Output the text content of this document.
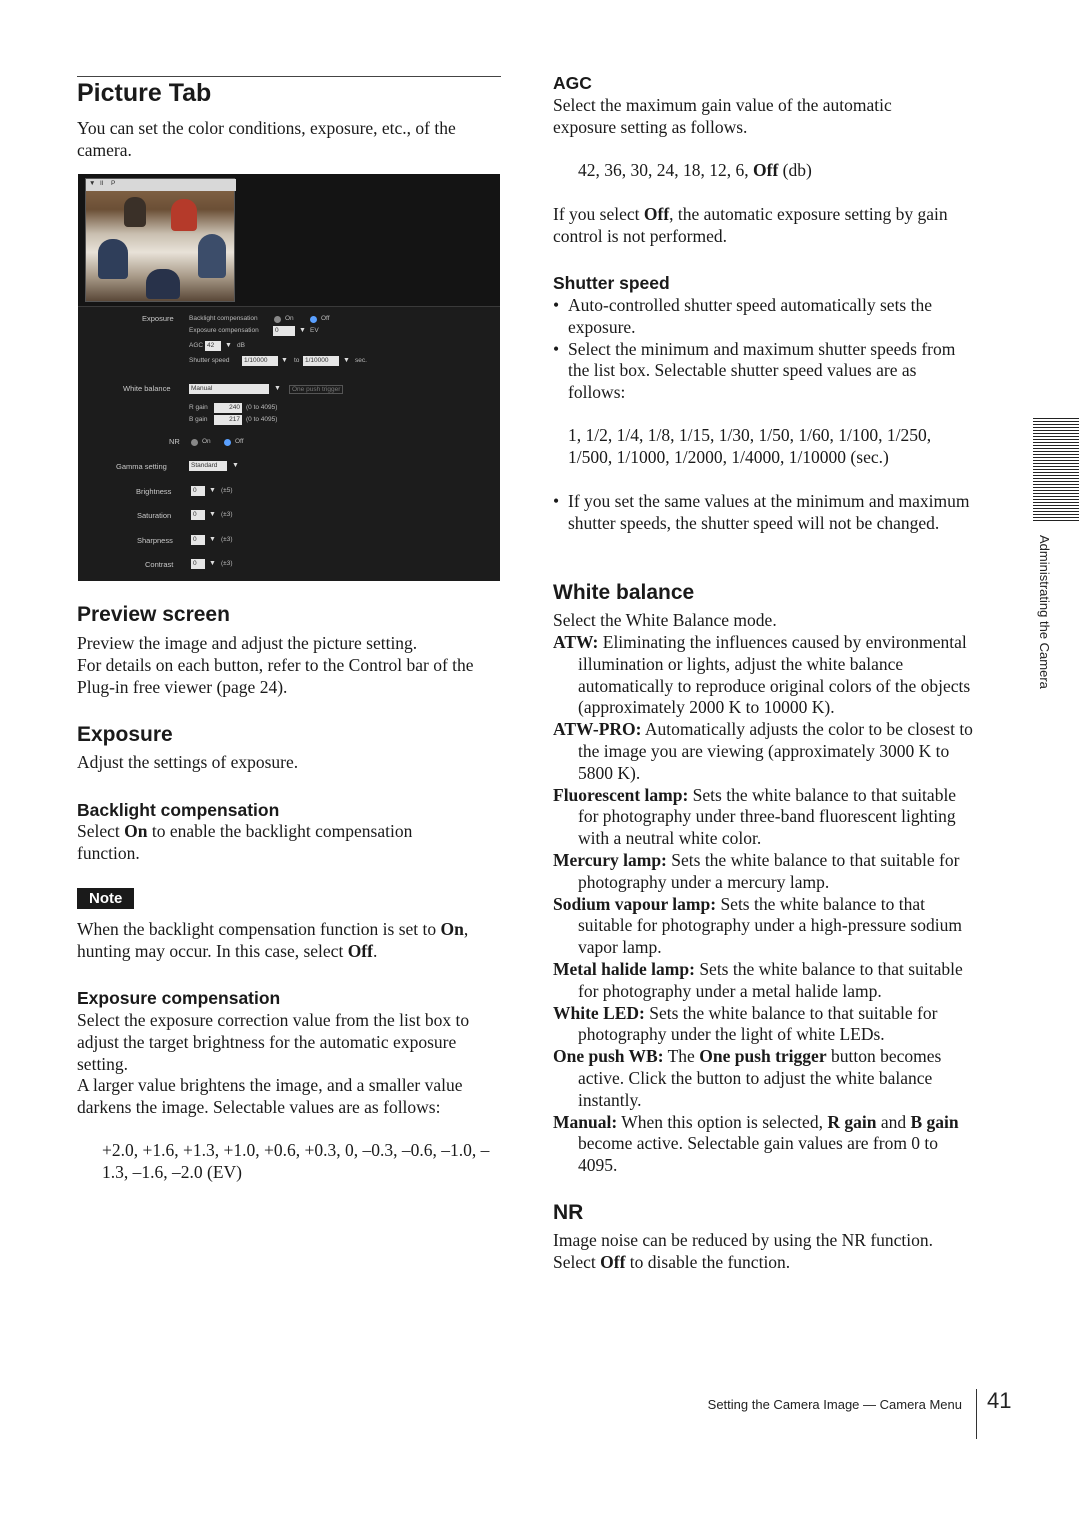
Picture Tab
You can set the color conditions, exposure, etc., of the camera.
▼ II P
Exposure Backlight compensation	On	Off
Exposure compensation	0	▼ EV
AGC 42	▼ dB
Shutter speed	1/10000	▼ to 1/10000	▼ sec.
White balance	Manual	▼	One push trigger
R gain	240 (0 to 4095)
B gain	217 (0 to 4095)
NR	On	Off
Gamma setting	Standard	▼
Brightness	0	▼ (±5)
Saturation	0	▼ (±3)
Sharpness	0	▼ (±3)
Contrast	0	▼ (±3)
Preview screen
Preview the image and adjust the picture setting.
For details on each button, refer to the Control bar of the Plug-in free viewer (page 24).
Exposure
Adjust the settings of exposure.
Backlight compensation
Select On to enable the backlight compensation function.
Note
When the backlight compensation function is set to On, hunting may occur. In this case, select Off.
Exposure compensation
Select the exposure correction value from the list box to adjust the target brightness for the automatic exposure setting.
A larger value brightens the image, and a smaller value darkens the image. Selectable values are as follows:
+2.0, +1.6, +1.3, +1.0, +0.6, +0.3, 0, –0.3, –0.6, –1.0, –1.3, –1.6, –2.0 (EV)
AGC
Select the maximum gain value of the automatic exposure setting as follows.
42, 36, 30, 24, 18, 12, 6, Off (db)
If you select Off, the automatic exposure setting by gain control is not performed.
Shutter speed
• Auto-controlled shutter speed automatically sets the exposure.
• Select the minimum and maximum shutter speeds from the list box. Selectable shutter speed values are as follows:
1, 1/2, 1/4, 1/8, 1/15, 1/30, 1/50, 1/60, 1/100, 1/250, 1/500, 1/1000, 1/2000, 1/4000, 1/10000 (sec.)
• If you set the same values at the minimum and maximum shutter speeds, the shutter speed will not be changed.
White balance
Select the White Balance mode.
ATW: Eliminating the influences caused by environmental illumination or lights, adjust the white balance automatically to reproduce original colors of the objects (approximately 2000 K to 10000 K).
ATW-PRO: Automatically adjusts the color to be closest to the image you are viewing (approximately 3000 K to 5800 K).
Fluorescent lamp: Sets the white balance to that suitable for photography under three-band fluorescent lighting with a neutral white color.
Mercury lamp: Sets the white balance to that suitable for photography under a mercury lamp.
Sodium vapour lamp: Sets the white balance to that suitable for photography under a high-pressure sodium vapor lamp.
Metal halide lamp: Sets the white balance to that suitable for photography under a metal halide lamp.
White LED: Sets the white balance to that suitable for photography under the light of white LEDs.
One push WB: The One push trigger button becomes active. Click the button to adjust the white balance instantly.
Manual: When this option is selected, R gain and B gain become active. Selectable gain values are from 0 to 4095.
NR
Image noise can be reduced by using the NR function.
Select Off to disable the function.
Administrating the Camera
Setting the Camera Image — Camera Menu 41
